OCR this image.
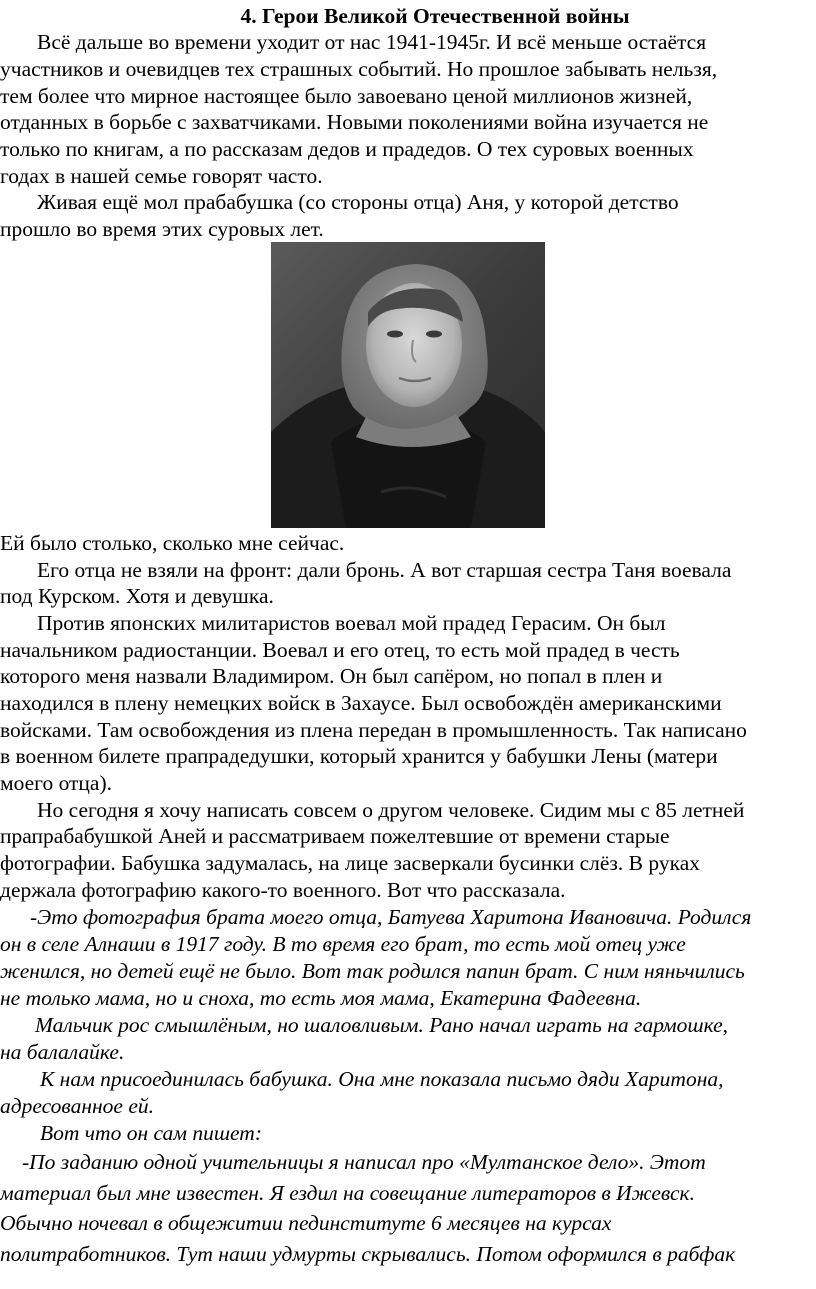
4. Герои Великой Отечественной войны
Всё дальше во времени уходит от нас 1941-1945г. И всё меньше остаётся
участников и очевидцев тех страшных событий. Но прошлое забывать нельзя,
тем более что мирное настоящее было завоевано ценой миллионов жизней,
отданных в борьбе с захватчиками. Новыми поколениями война изучается не
только по книгам, а по рассказам дедов и прадедов. О тех суровых военных
годах в нашей семье говорят часто.
Живая ещё мол прабабушка (со стороны отца) Аня, у которой детство
прошло во время этих суровых лет.
Ей было столько, сколько мне сейчас.
Его отца не взяли на фронт: дали бронь. А вот старшая сестра Таня воевала
под Курском. Хотя и девушка.
Против японских милитаристов воевал мой прадед Герасим. Он был
начальником радиостанции. Воевал и его отец, то есть мой прадед в честь
которого меня назвали Владимиром. Он был сапёром, но попал в плен и
находился в плену немецких войск в Захаусе. Был освобождён американскими
войсками. Там освобождения из плена передан в промышленность. Так написано
в военном билете прапрадедушки, который хранится у бабушки Лены (матери
моего отца).
Но сегодня я хочу написать совсем о другом человеке. Сидим мы с 85 летней
прапрабабушкой Аней и рассматриваем пожелтевшие от времени старые
фотографии. Бабушка задумалась, на лице засверкали бусинки слёз. В руках
держала фотографию какого-то военного. Вот что рассказала.
-Это фотография брата моего отца, Батуева Харитона Ивановича. Родился
он в селе Алнаши в 1917 году. В то время его брат, то есть мой отец уже
женился, но детей ещё не было. Вот так родился папин брат. С ним няньчились
не только мама, но и сноха, то есть моя мама, Екатерина Фадеевна.
Мальчик рос смышлёным, но шаловливым. Рано начал играть на гармошке,
на балалайке.
К нам присоединилась бабушка. Она мне показала письмо дяди Харитона,
адресованное ей.
Вот что он сам пишет:
-По заданию одной учительницы я написал про «Мултанское дело». Этот
материал был мне известен. Я ездил на совещание литераторов в Ижевск.
Обычно ночевал в общежитии пединституте 6 месяцев на курсах
политработников. Тут наши удмурты скрывались. Потом оформился в рабфак
